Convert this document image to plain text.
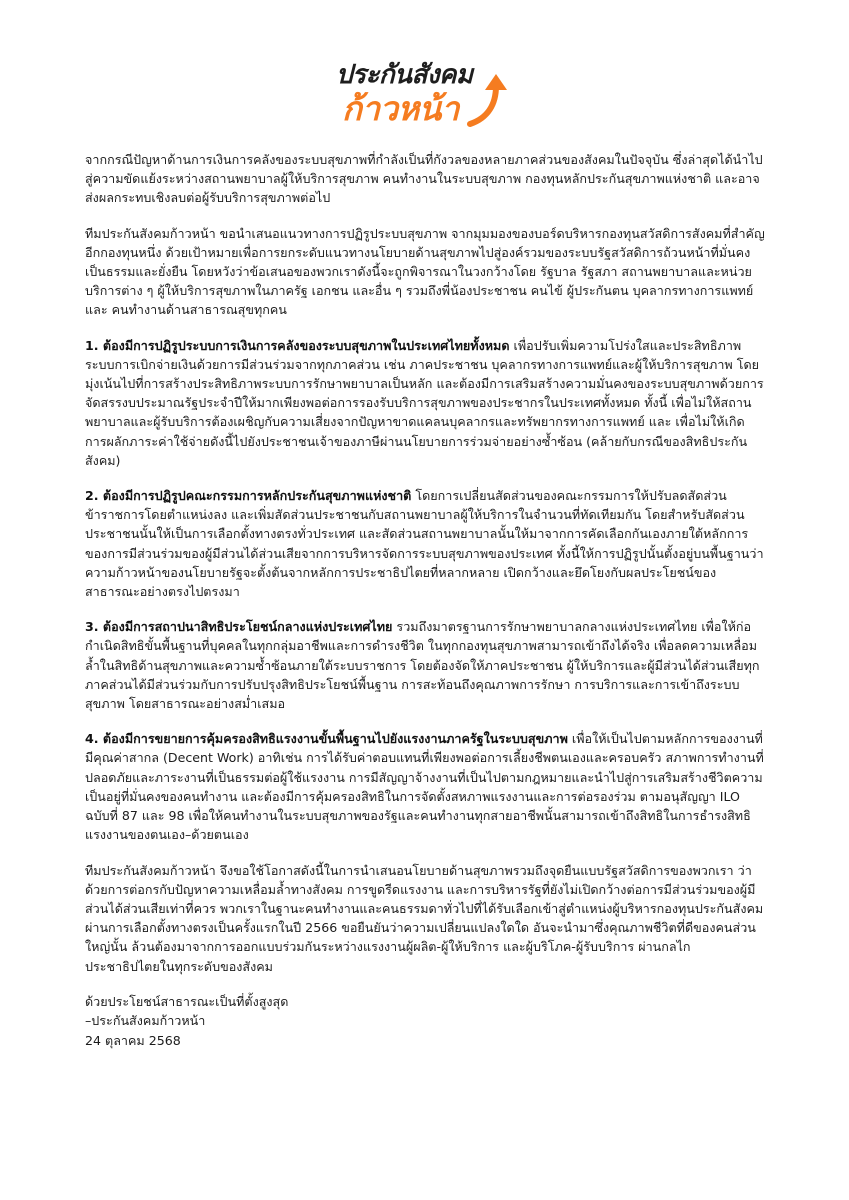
ประกันสังคม
ก้าวหน้า

จากกรณีปัญหาด้านการเงินการคลังของระบบสุขภาพที่กำลังเป็นที่กังวลของหลายภาคส่วนของสังคมในปัจจุบัน ซึ่งล่าสุดได้นำไปสู่ความขัดแย้งระหว่างสถานพยาบาลผู้ให้บริการสุขภาพ คนทำงานในระบบสุขภาพ กองทุนหลักประกันสุขภาพแห่งชาติ และอาจส่งผลกระทบเชิงลบต่อผู้รับบริการสุขภาพต่อไป

ทีมประกันสังคมก้าวหน้า ขอนำเสนอแนวทางการปฏิรูประบบสุขภาพ จากมุมมองของบอร์ดบริหารกองทุนสวัสดิการสังคมที่สำคัญอีกกองทุนหนึ่ง ด้วยเป้าหมายเพื่อการยกระดับแนวทางนโยบายด้านสุขภาพไปสู่องค์รวมของระบบรัฐสวัสดิการถ้วนหน้าที่มั่นคง เป็นธรรมและยั่งยืน โดยหวังว่าข้อเสนอของพวกเราดังนี้จะถูกพิจารณาในวงกว้างโดย รัฐบาล รัฐสภา สถานพยาบาลและหน่วยบริการต่าง ๆ ผู้ให้บริการสุขภาพในภาครัฐ เอกชน และอื่น ๆ รวมถึงพี่น้องประชาชน คนไข้ ผู้ประกันตน บุคลากรทางการแพทย์ และ คนทำงานด้านสาธารณสุขทุกคน

1. ต้องมีการปฏิรูประบบการเงินการคลังของระบบสุขภาพในประเทศไทยทั้งหมด เพื่อปรับเพิ่มความโปร่งใสและประสิทธิภาพระบบการเบิกจ่ายเงินด้วยการมีส่วนร่วมจากทุกภาคส่วน เช่น ภาคประชาชน บุคลากรทางการแพทย์และผู้ให้บริการสุขภาพ โดยมุ่งเน้นไปที่การสร้างประสิทธิภาพระบบการรักษาพยาบาลเป็นหลัก และต้องมีการเสริมสร้างความมั่นคงของระบบสุขภาพด้วยการจัดสรรงบประมาณรัฐประจำปีให้มากเพียงพอต่อการรองรับบริการสุขภาพของประชากรในประเทศทั้งหมด ทั้งนี้ เพื่อไม่ให้สถานพยาบาลและผู้รับบริการต้องเผชิญกับความเสี่ยงจากปัญหาขาดแคลนบุคลากรและทรัพยากรทางการแพทย์ และ เพื่อไม่ให้เกิดการผลักภาระค่าใช้จ่ายดังนี้ไปยังประชาชนเจ้าของภาษีผ่านนโยบายการร่วมจ่ายอย่างซ้ำซ้อน (คล้ายกับกรณีของสิทธิประกันสังคม)

2. ต้องมีการปฏิรูปคณะกรรมการหลักประกันสุขภาพแห่งชาติ โดยการเปลี่ยนสัดส่วนของคณะกรรมการให้ปรับลดสัดส่วนข้าราชการโดยตำแหน่งลง และเพิ่มสัดส่วนประชาชนกับสถานพยาบาลผู้ให้บริการในจำนวนที่ทัดเทียมกัน โดยสำหรับสัดส่วนประชาชนนั้นให้เป็นการเลือกตั้งทางตรงทั่วประเทศ และสัดส่วนสถานพยาบาลนั้นให้มาจากการคัดเลือกกันเองภายใต้หลักการของการมีส่วนร่วมของผู้มีส่วนได้ส่วนเสียจากการบริหารจัดการระบบสุขภาพของประเทศ ทั้งนี้ให้การปฏิรูปนั้นตั้งอยู่บนพื้นฐานว่า ความก้าวหน้าของนโยบายรัฐจะตั้งต้นจากหลักการประชาธิปไตยที่หลากหลาย เปิดกว้างและยึดโยงกับผลประโยชน์ของสาธารณะอย่างตรงไปตรงมา

3. ต้องมีการสถาปนาสิทธิประโยชน์กลางแห่งประเทศไทย รวมถึงมาตรฐานการรักษาพยาบาลกลางแห่งประเทศไทย เพื่อให้ก่อกำเนิดสิทธิขั้นพื้นฐานที่บุคคลในทุกกลุ่มอาชีพและการดำรงชีวิต ในทุกกองทุนสุขภาพสามารถเข้าถึงได้จริง เพื่อลดความเหลื่อมล้ำในสิทธิด้านสุขภาพและความซ้ำซ้อนภายใต้ระบบราชการ โดยต้องจัดให้ภาคประชาชน ผู้ให้บริการและผู้มีส่วนได้ส่วนเสียทุกภาคส่วนได้มีส่วนร่วมกับการปรับปรุงสิทธิประโยชน์พื้นฐาน การสะท้อนถึงคุณภาพการรักษา การบริการและการเข้าถึงระบบสุขภาพ โดยสาธารณะอย่างสม่ำเสมอ

4. ต้องมีการขยายการคุ้มครองสิทธิแรงงานขั้นพื้นฐานไปยังแรงงานภาครัฐในระบบสุขภาพ เพื่อให้เป็นไปตามหลักการของงานที่มีคุณค่าสากล (Decent Work) อาทิเช่น การได้รับค่าตอบแทนที่เพียงพอต่อการเลี้ยงชีพตนเองและครอบครัว สภาพการทำงานที่ปลอดภัยและภาระงานที่เป็นธรรมต่อผู้ใช้แรงงาน การมีสัญญาจ้างงานที่เป็นไปตามกฎหมายและนำไปสู่การเสริมสร้างชีวิตความเป็นอยู่ที่มั่นคงของคนทำงาน และต้องมีการคุ้มครองสิทธิในการจัดตั้งสหภาพแรงงานและการต่อรองร่วม ตามอนุสัญญา ILO ฉบับที่ 87 และ 98 เพื่อให้คนทำงานในระบบสุขภาพของรัฐและคนทำงานทุกสายอาชีพนั้นสามารถเข้าถึงสิทธิในการธำรงสิทธิแรงงานของตนเอง–ด้วยตนเอง

ทีมประกันสังคมก้าวหน้า จึงขอใช้โอกาสดังนี้ในการนำเสนอนโยบายด้านสุขภาพรวมถึงจุดยืนแบบรัฐสวัสดิการของพวกเรา ว่าด้วยการต่อกรกับปัญหาความเหลื่อมล้ำทางสังคม การขูดรีดแรงงาน และการบริหารรัฐที่ยังไม่เปิดกว้างต่อการมีส่วนร่วมของผู้มีส่วนได้ส่วนเสียเท่าที่ควร พวกเราในฐานะคนทำงานและคนธรรมดาทั่วไปที่ได้รับเลือกเข้าสู่ตำแหน่งผู้บริหารกองทุนประกันสังคมผ่านการเลือกตั้งทางตรงเป็นครั้งแรกในปี 2566 ขอยืนยันว่าความเปลี่ยนแปลงใดใด อันจะนำมาซึ่งคุณภาพชีวิตที่ดีของคนส่วนใหญ่นั้น ล้วนต้องมาจากการออกแบบร่วมกันระหว่างแรงงานผู้ผลิต-ผู้ให้บริการ และผู้บริโภค-ผู้รับบริการ ผ่านกลไกประชาธิปไตยในทุกระดับของสังคม

ด้วยประโยชน์สาธารณะเป็นที่ตั้งสูงสุด
–ประกันสังคมก้าวหน้า
24 ตุลาคม 2568
